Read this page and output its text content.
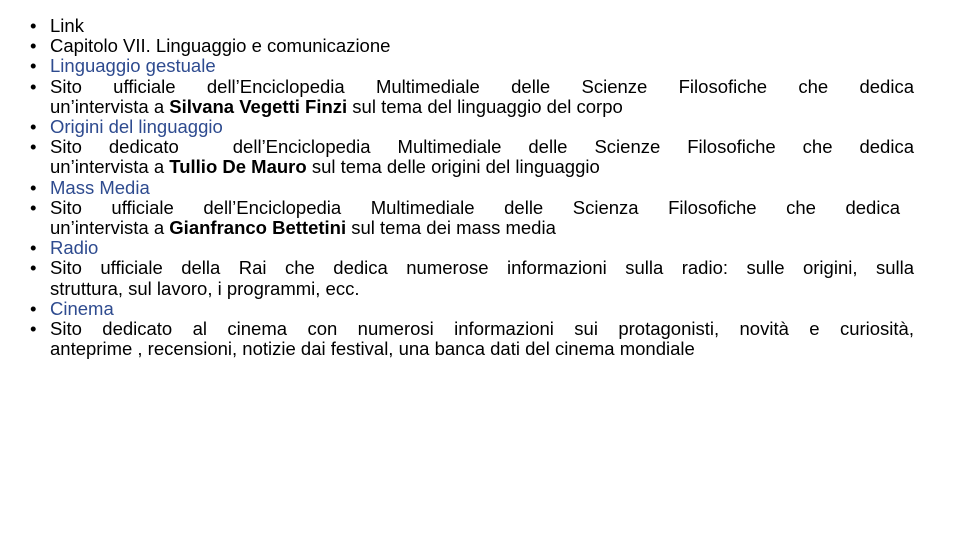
• Link
• Capitolo VII. Linguaggio e comunicazione
• Linguaggio gestuale
• Sito ufficiale dell’Enciclopedia Multimediale delle Scienze Filosofiche che dedica
un’intervista a Silvana Vegetti Finzi sul tema del linguaggio del corpo
• Origini del linguaggio
• Sito dedicato  dell’Enciclopedia Multimediale delle Scienze Filosofiche che dedica
un’intervista a Tullio De Mauro sul tema delle origini del linguaggio
• Mass Media
• Sito ufficiale dell’Enciclopedia Multimediale delle Scienza Filosofiche che dedica
un’intervista a Gianfranco Bettetini sul tema dei mass media
• Radio
• Sito ufficiale della Rai che dedica numerose informazioni sulla radio: sulle origini, sulla
struttura, sul lavoro, i programmi, ecc.
• Cinema
• Sito dedicato al cinema con numerosi informazioni sui protagonisti, novità e curiosità,
anteprime , recensioni, notizie dai festival, una banca dati del cinema mondiale
